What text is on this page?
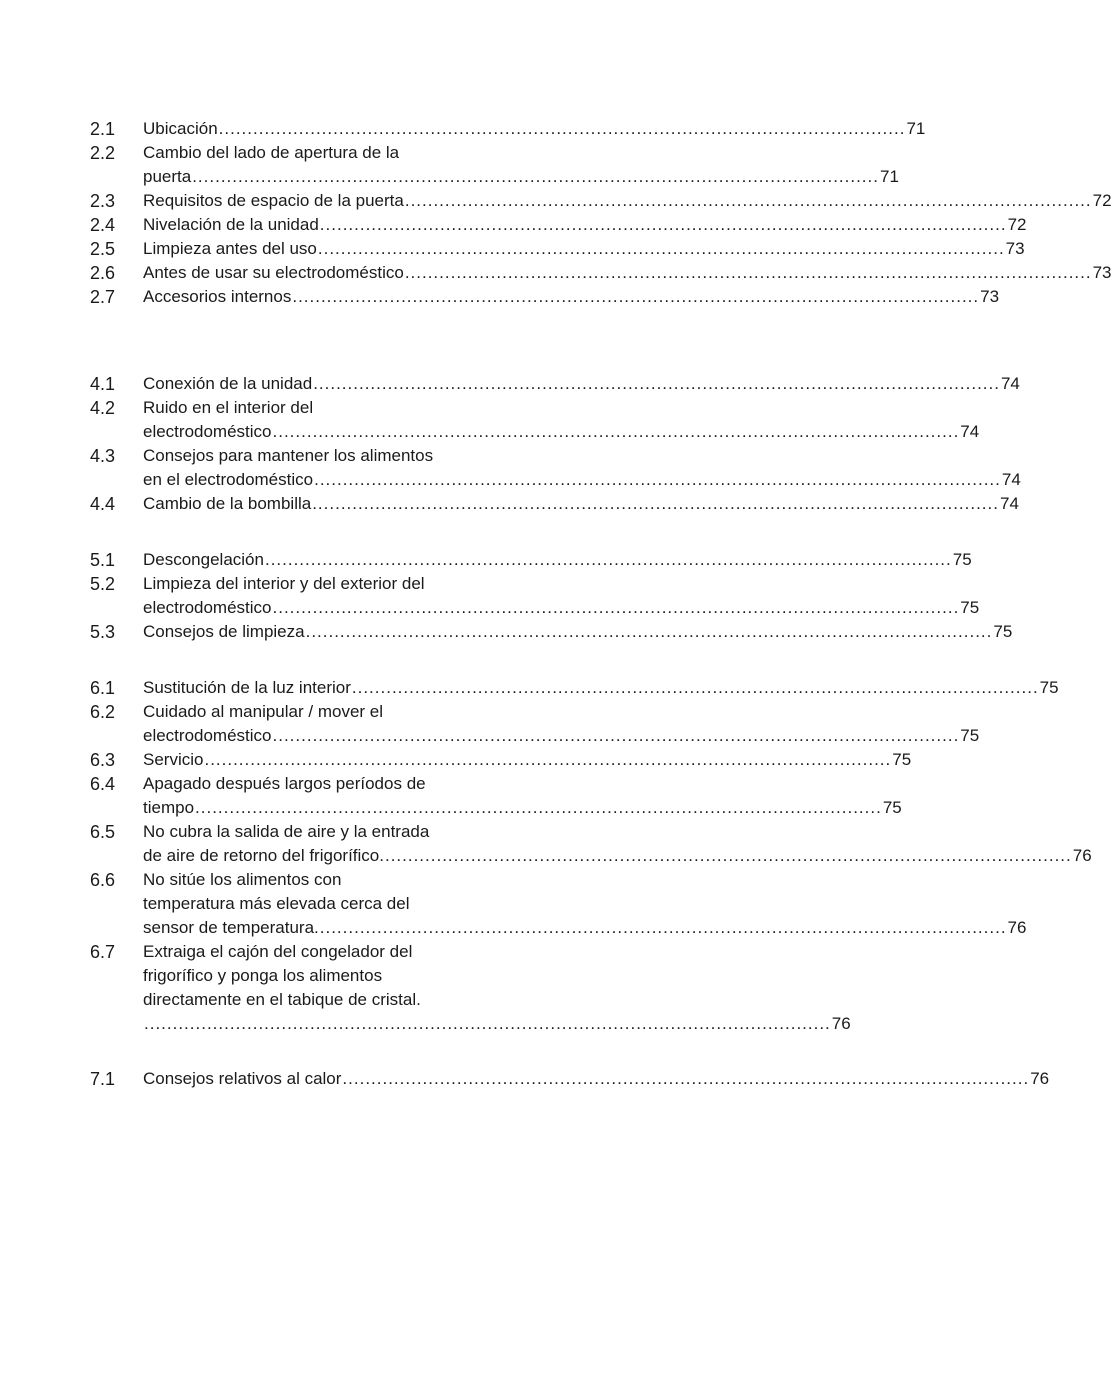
2.1	Ubicación ........................................................................................................................ 71
2.2	Cambio del lado de apertura de la
puerta ........................................................................................................................ 71
2.3	Requisitos de espacio de la puerta ........................................................................................................................ 72
2.4	Nivelación de la unidad ........................................................................................................................ 72
2.5	Limpieza antes del uso ........................................................................................................................ 73
2.6	Antes de usar su electrodoméstico ........................................................................................................................ 73
2.7	Accesorios internos ........................................................................................................................ 73
4.1	Conexión de la unidad ........................................................................................................................ 74
4.2	Ruido en el interior del
electrodoméstico ........................................................................................................................ 74
4.3	Consejos para mantener los alimentos
en el electrodoméstico ........................................................................................................................ 74
4.4	Cambio de la bombilla ........................................................................................................................ 74
5.1	Descongelación ........................................................................................................................ 75
5.2	Limpieza del interior y del exterior del
electrodoméstico ........................................................................................................................ 75
5.3	Consejos de limpieza ........................................................................................................................ 75
6.1	Sustitución de la luz interior ........................................................................................................................ 75
6.2	Cuidado al manipular / mover el
electrodoméstico ........................................................................................................................ 75
6.3	Servicio ........................................................................................................................ 75
6.4	Apagado después largos períodos de
tiempo ........................................................................................................................ 75
6.5	No cubra la salida de aire y la entrada
de aire de retorno del frigorífico. ........................................................................................................................ 76
6.6	No sitúe los alimentos con
temperatura más elevada cerca del
sensor de temperatura. ........................................................................................................................ 76
6.7	Extraiga el cajón del congelador del
frigorífico y ponga los alimentos
directamente en el tabique de cristal.
........................................................................................................................ 76
7.1	Consejos relativos al calor ........................................................................................................................ 76
